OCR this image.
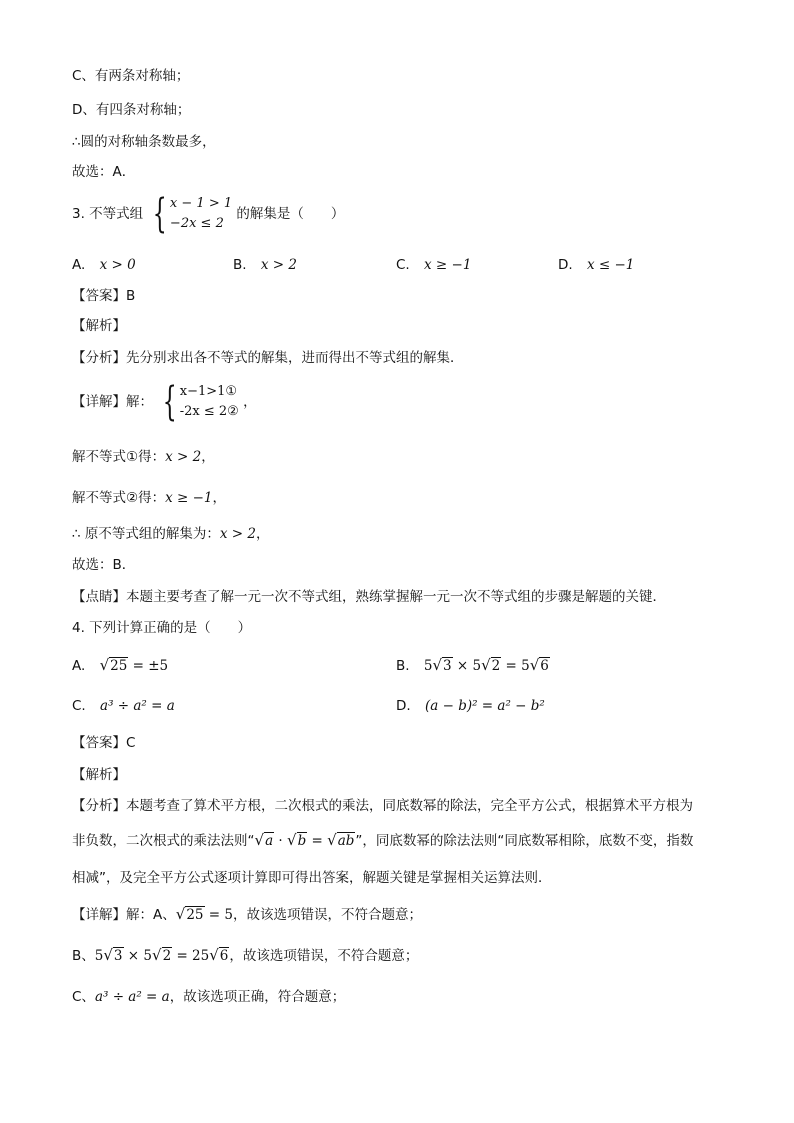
C、有两条对称轴；
D、有四条对称轴；
∴圆的对称轴条数最多，
故选：A．
3. 不等式组 { x − 1 > 1
−2x ≤ 2
的解集是（　　）
A. x > 0	B. x > 2	C. x ≥ −1	D. x ≤ −1
【答案】B
【解析】
【分析】先分别求出各不等式的解集，进而得出不等式组的解集．
【详解】解： { x−1>1①
-2x ≤ 2②
，
解不等式①得：x > 2，
解不等式②得：x ≥ −1，
∴ 原不等式组的解集为：x > 2，
故选：B．
【点睛】本题主要考查了解一元一次不等式组，熟练掌握解一元一次不等式组的步骤是解题的关键．
4. 下列计算正确的是（　　）
A. √25 = ±5	B. 5√3 × 5√2 = 5√6
C. a³ ÷ a² = a	D. (a − b)² = a² − b²
【答案】C
【解析】
【分析】本题考查了算术平方根，二次根式的乘法，同底数幂的除法，完全平方公式，根据算术平方根为
非负数，二次根式的乘法法则“√a · √b = √ab”，同底数幂的除法法则“同底数幂相除，底数不变，指数
相减”，及完全平方公式逐项计算即可得出答案，解题关键是掌握相关运算法则．
【详解】解：A、√25 = 5，故该选项错误，不符合题意；
B、5√3 × 5√2 = 25√6，故该选项错误，不符合题意；
C、a³ ÷ a² = a，故该选项正确，符合题意；
